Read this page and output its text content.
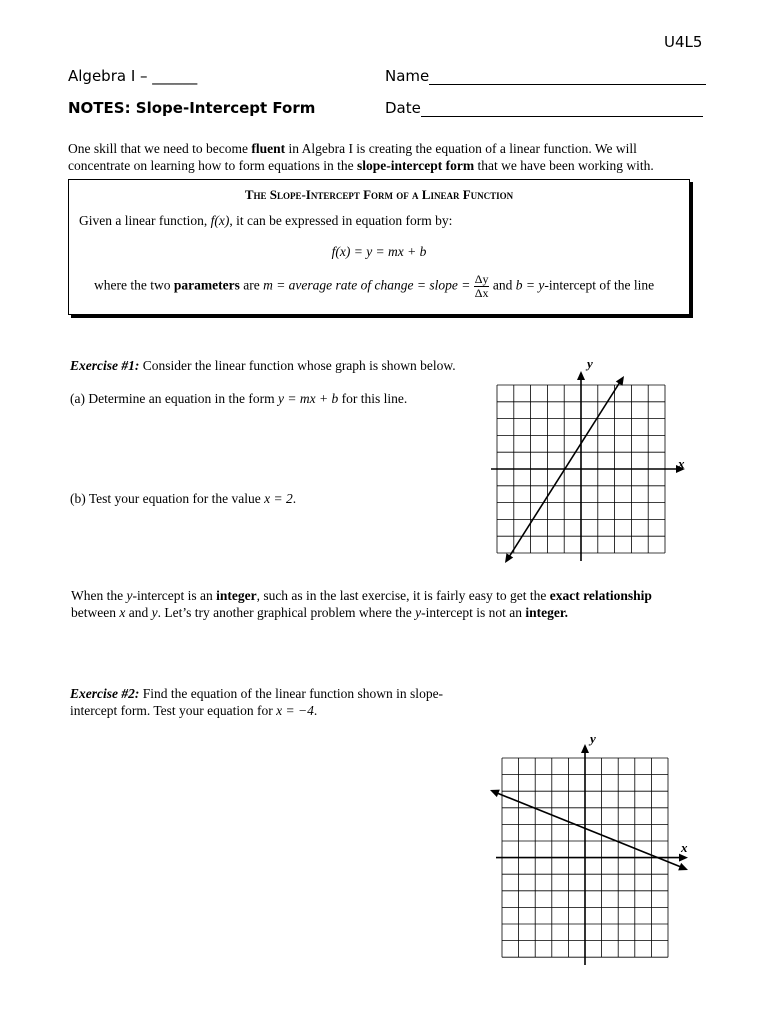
U4L5
Algebra I – ______	Name
NOTES: Slope-Intercept Form	Date
One skill that we need to become fluent in Algebra I is creating the equation of a linear function. We will
concentrate on learning how to form equations in the slope-intercept form that we have been working with.
The Slope-Intercept Form of a Linear Function
Given a linear function, f(x), it can be expressed in equation form by:
f(x) = y = mx + b
where the two parameters are m = average rate of change = slope = $\frac{\Delta y}{\Delta x}$ and b = y-intercept of the line
Exercise #1: Consider the linear function whose graph is shown below.
(a) Determine an equation in the form y = mx + b for this line.
(b) Test your equation for the value x = 2.
y
x
When the y-intercept is an integer, such as in the last exercise, it is fairly easy to get the exact relationship
between x and y. Let’s try another graphical problem where the y-intercept is not an integer.
Exercise #2: Find the equation of the linear function shown in slope-
intercept form. Test your equation for x = −4.
y
x
